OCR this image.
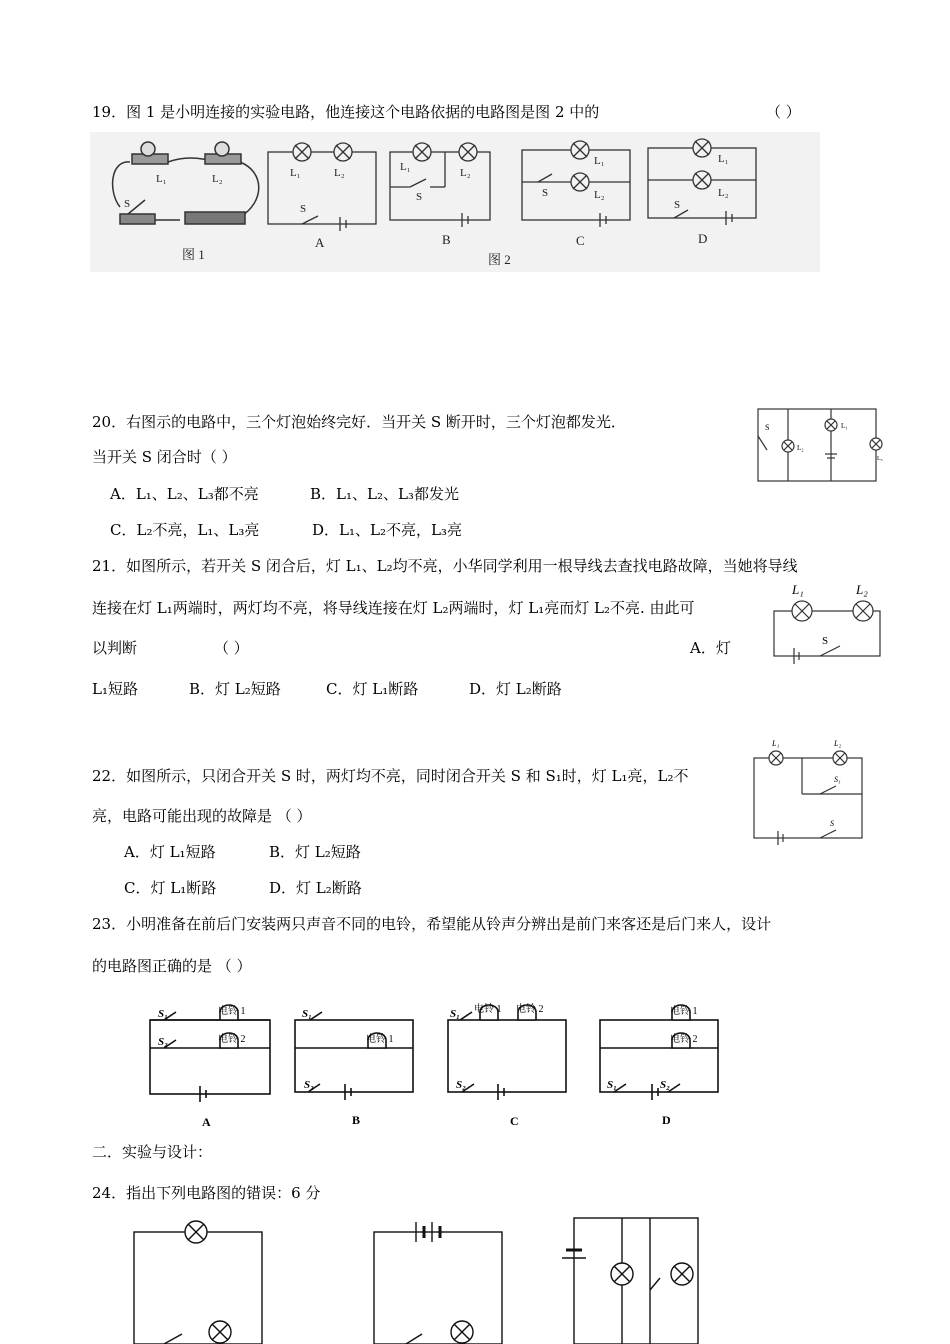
19．图 1 是小明连接的实验电路，他连接这个电路依据的电路图是图 2 中的	（ ）
L₁	L₂
S
图 1
L₁	L₂
S
A
L₁	L₂
S
B
L₁
L₂
S
C
L₁
L₂
S
D
图 2
20．右图示的电路中，三个灯泡始终完好．当开关 S 断开时，三个灯泡都发光．
当开关 S 闭合时（ ）
A．L₁、L₂、L₃都不亮	B．L₁、L₂、L₃都发光
C．L₂不亮，L₁、L₃亮	D．L₁、L₂不亮，L₃亮
S
L₂
L₁
L₃
21．如图所示，若开关 S 闭合后，灯 L₁、L₂均不亮，小华同学利用一根导线去查找电路故障，当她将导线
连接在灯 L₁两端时，两灯均不亮，将导线连接在灯 L₂两端时，灯 L₁亮而灯 L₂不亮. 由此可
以判断	（ ）	A．灯
L₁短路	B．灯 L₂短路	C．灯 L₁断路	D．灯 L₂断路
L₁	L₂
S
22．如图所示，只闭合开关 S 时，两灯均不亮，同时闭合开关 S 和 S₁时，灯 L₁亮，L₂不
亮，电路可能出现的故障是 （ ）
A．灯 L₁短路	B．灯 L₂短路
C．灯 L₁断路	D．灯 L₂断路
L₁	L₂
S₁
S
23．小明准备在前后门安装两只声音不同的电铃，希望能从铃声分辨出是前门来客还是后门来人，设计
的电路图正确的是 （ ）
S₁
S₂
电铃 1
电铃 2
A
S₁
电铃 1
S₂
B
S₁ 电铃 1 电铃 2
S₂
C
电铃 1
电铃 2
S₁	S₂
D
二．实验与设计：
24．指出下列电路图的错误：6 分
